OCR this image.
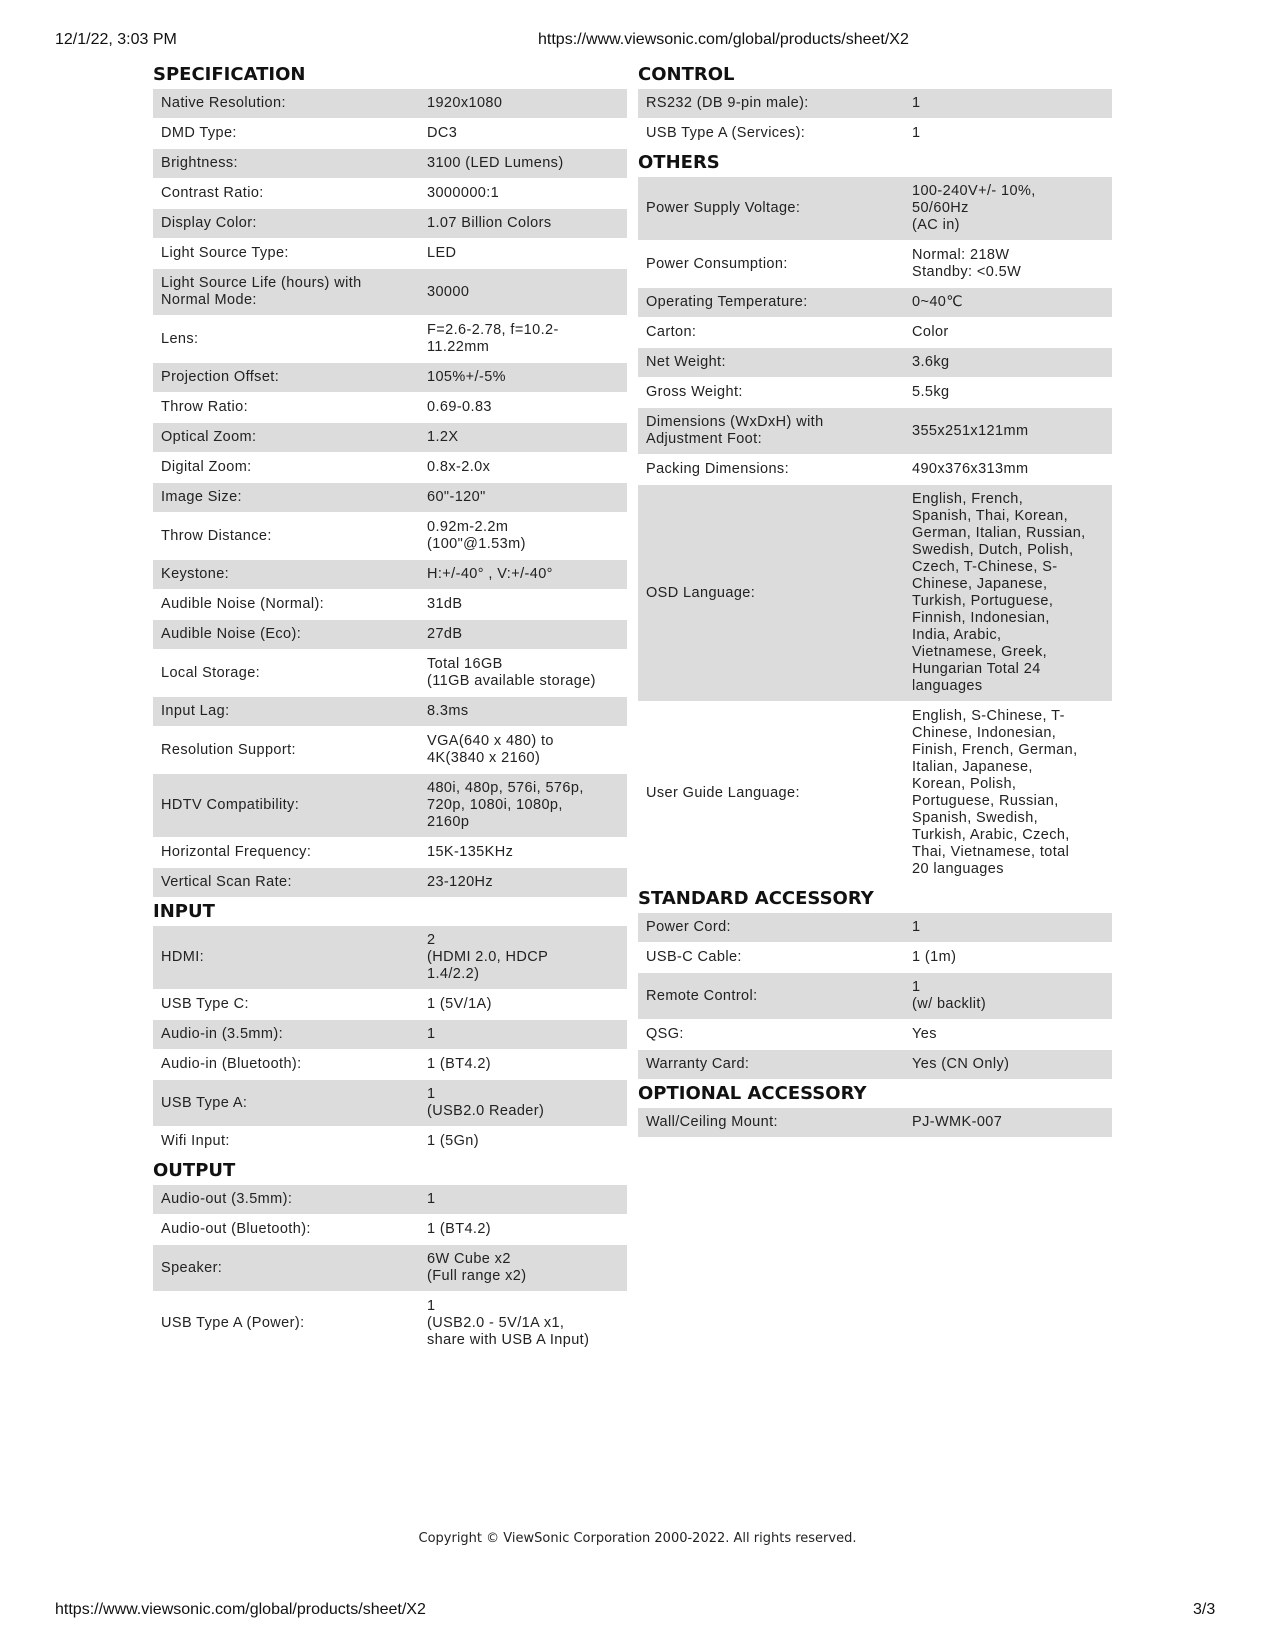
12/1/22, 3:03 PM	https://www.viewsonic.com/global/products/sheet/X2
SPECIFICATION
Native Resolution:	1920x1080
DMD Type:	DC3
Brightness:	3100 (LED Lumens)
Contrast Ratio:	3000000:1
Display Color:	1.07 Billion Colors
Light Source Type:	LED
Light Source Life (hours) with
Normal Mode:
30000
Lens:
F=2.6-2.78, f=10.2-
11.22mm
Projection Offset:	105%+/-5%
Throw Ratio:	0.69-0.83
Optical Zoom:	1.2X
Digital Zoom:	0.8x-2.0x
Image Size:	60"-120"
Throw Distance:
0.92m-2.2m
(100"@1.53m)
Keystone:	H:+/-40° , V:+/-40°
Audible Noise (Normal):	31dB
Audible Noise (Eco):	27dB
Local Storage:
Total 16GB
(11GB available storage)
Input Lag:	8.3ms
Resolution Support:
VGA(640 x 480) to
4K(3840 x 2160)
HDTV Compatibility:
480i, 480p, 576i, 576p,
720p, 1080i, 1080p,
2160p
Horizontal Frequency:	15K-135KHz
Vertical Scan Rate:	23-120Hz
INPUT
HDMI:
2
(HDMI 2.0, HDCP
1.4/2.2)
USB Type C:	1 (5V/1A)
Audio-in (3.5mm):	1
Audio-in (Bluetooth):	1 (BT4.2)
USB Type A:
1
(USB2.0 Reader)
Wifi Input:	1 (5Gn)
OUTPUT
Audio-out (3.5mm):	1
Audio-out (Bluetooth):	1 (BT4.2)
Speaker:
6W Cube x2
(Full range x2)
USB Type A (Power):
1
(USB2.0 - 5V/1A x1,
share with USB A Input)
CONTROL
RS232 (DB 9-pin male):	1
USB Type A (Services):	1
OTHERS
Power Supply Voltage:
100-240V+/- 10%,
50/60Hz
(AC in)
Power Consumption:
Normal: 218W
Standby: <0.5W
Operating Temperature:	0~40℃
Carton:	Color
Net Weight:	3.6kg
Gross Weight:	5.5kg
Dimensions (WxDxH) with
Adjustment Foot:
355x251x121mm
Packing Dimensions:	490x376x313mm
OSD Language:
English, French,
Spanish, Thai, Korean,
German, Italian, Russian,
Swedish, Dutch, Polish,
Czech, T-Chinese, S-
Chinese, Japanese,
Turkish, Portuguese,
Finnish, Indonesian,
India, Arabic,
Vietnamese, Greek,
Hungarian Total 24
languages
User Guide Language:
English, S-Chinese, T-
Chinese, Indonesian,
Finish, French, German,
Italian, Japanese,
Korean, Polish,
Portuguese, Russian,
Spanish, Swedish,
Turkish, Arabic, Czech,
Thai, Vietnamese, total
20 languages
STANDARD ACCESSORY
Power Cord:	1
USB-C Cable:	1 (1m)
Remote Control:
1
(w/ backlit)
QSG:	Yes
Warranty Card:	Yes (CN Only)
OPTIONAL ACCESSORY
Wall/Ceiling Mount:	PJ-WMK-007
Copyright © ViewSonic Corporation 2000-2022. All rights reserved.
https://www.viewsonic.com/global/products/sheet/X2	3/3
